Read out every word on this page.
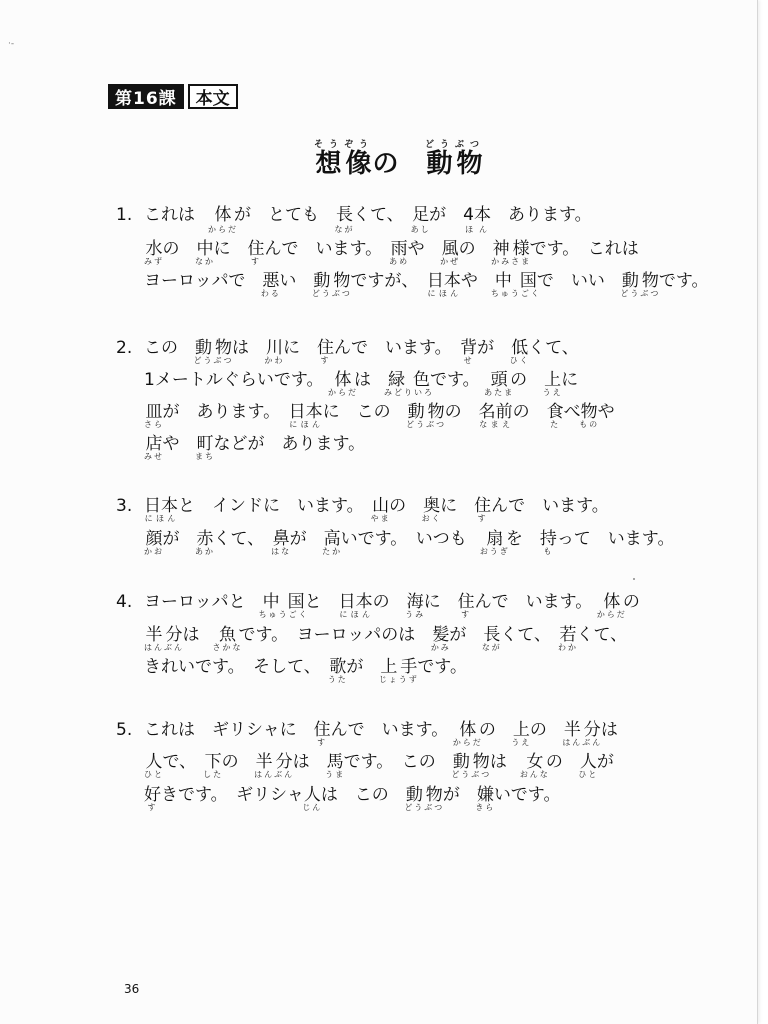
·‐
第16課	本文
想像そうぞうの　動物どうぶつ
1. これは　体からだが　とても　長ながくて、　足あしが　4本ほん　あります。
水みずの　中なかに　住すんで　います。　雨あめや　風かぜの　神様かみさまです。　これは
ヨーロッパで　悪わるい　動物どうぶつですが、　日本にほんや　中国ちゅうごくで　いい　動物どうぶつです。
2. この　動物どうぶつは　川かわに　住すんで　います。　背せが　低ひくくて、
1メートルぐらいです。　体からだは　緑色みどりいろです。　頭あたまの　上うえに
皿さらが　あります。　日本にほんに　この　動物どうぶつの　名前なまえの　食たべ物ものや
店みせや　町まちなどが　あります。
3. 日本にほんと　インドに　います。　山やまの　奥おくに　住すんで　います。
顔かおが　赤あかくて、　鼻はなが　高たかいです。　いつも　扇おうぎを　持もって　います。
4. ヨーロッパと　中国ちゅうごくと　日本にほんの　海うみに　住すんで　います。　体からだの
半分はんぶんは　魚さかなです。　ヨーロッパのは　髪かみが　長ながくて、　若わかくて、
きれいです。　そして、　歌うたが　上手じょうずです。
5. これは　ギリシャに　住すんで　います。　体からだの　上うえの　半分はんぶんは
人ひとで、　下したの　半分はんぶんは　馬うまです。　この　動物どうぶつは　女おんなの　人ひとが
好すきです。　ギリシャ人じんは　この　動物どうぶつが　嫌きらいです。
36
